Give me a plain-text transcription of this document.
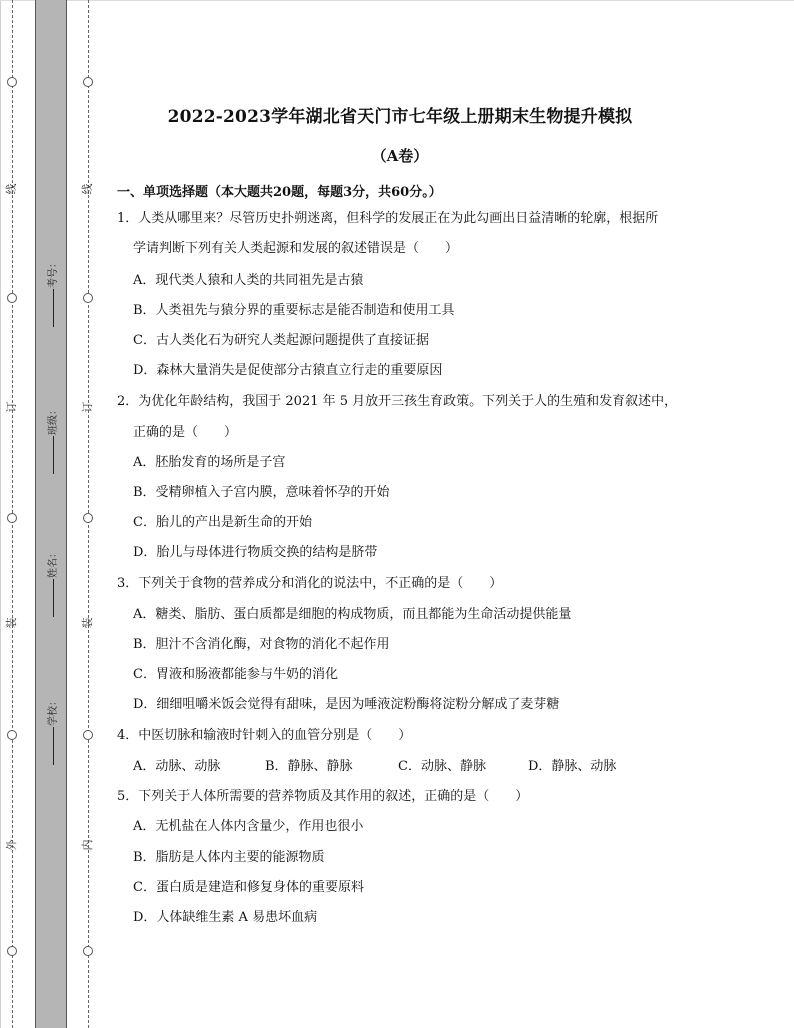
线
订
装
外
线
订
装
内
考号：
班级：
姓名：
学校：
2022-2023学年湖北省天门市七年级上册期末生物提升模拟
（A卷）
一、单项选择题（本大题共20题，每题3分，共60分。）
1．人类从哪里来？尽管历史扑朔迷离，但科学的发展正在为此勾画出日益清晰的轮廓，根据所
学请判断下列有关人类起源和发展的叙述错误是（　　）
A．现代类人猿和人类的共同祖先是古猿
B．人类祖先与猿分界的重要标志是能否制造和使用工具
C．古人类化石为研究人类起源问题提供了直接证据
D．森林大量消失是促使部分古猿直立行走的重要原因
2．为优化年龄结构，我国于 2021 年 5 月放开三孩生育政策。下列关于人的生殖和发育叙述中，
正确的是（　　）
A．胚胎发育的场所是子宫
B．受精卵植入子宫内膜，意味着怀孕的开始
C．胎儿的产出是新生命的开始
D．胎儿与母体进行物质交换的结构是脐带
3．下列关于食物的营养成分和消化的说法中，不正确的是（　　）
A．糖类、脂肪、蛋白质都是细胞的构成物质，而且都能为生命活动提供能量
B．胆汁不含消化酶，对食物的消化不起作用
C．胃液和肠液都能参与牛奶的消化
D．细细咀嚼米饭会觉得有甜味，是因为唾液淀粉酶将淀粉分解成了麦芽糖
4．中医切脉和输液时针刺入的血管分别是（　　）
A．动脉、动脉	B．静脉、静脉	C．动脉、静脉	D．静脉、动脉
5．下列关于人体所需要的营养物质及其作用的叙述，正确的是（　　）
A．无机盐在人体内含量少，作用也很小
B．脂肪是人体内主要的能源物质
C．蛋白质是建造和修复身体的重要原料
D．人体缺维生素 A 易患坏血病
